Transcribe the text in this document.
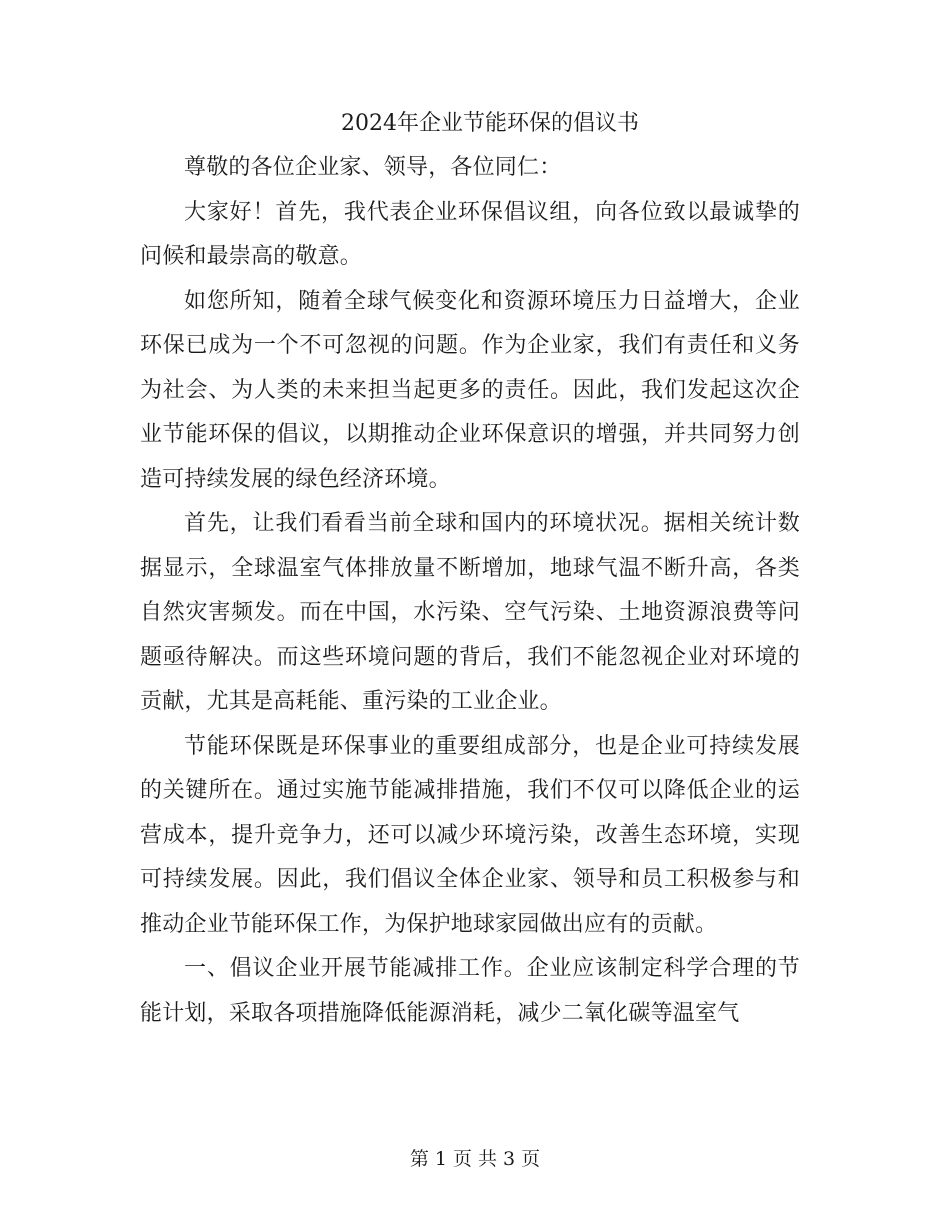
2024年企业节能环保的倡议书

尊敬的各位企业家、领导，各位同仁：

大家好！首先，我代表企业环保倡议组，向各位致以最诚挚的问候和最崇高的敬意。

如您所知，随着全球气候变化和资源环境压力日益增大，企业环保已成为一个不可忽视的问题。作为企业家，我们有责任和义务为社会、为人类的未来担当起更多的责任。因此，我们发起这次企业节能环保的倡议，以期推动企业环保意识的增强，并共同努力创造可持续发展的绿色经济环境。

首先，让我们看看当前全球和国内的环境状况。据相关统计数据显示，全球温室气体排放量不断增加，地球气温不断升高，各类自然灾害频发。而在中国，水污染、空气污染、土地资源浪费等问题亟待解决。而这些环境问题的背后，我们不能忽视企业对环境的贡献，尤其是高耗能、重污染的工业企业。

节能环保既是环保事业的重要组成部分，也是企业可持续发展的关键所在。通过实施节能减排措施，我们不仅可以降低企业的运营成本，提升竞争力，还可以减少环境污染，改善生态环境，实现可持续发展。因此，我们倡议全体企业家、领导和员工积极参与和推动企业节能环保工作，为保护地球家园做出应有的贡献。

一、倡议企业开展节能减排工作。企业应该制定科学合理的节能计划，采取各项措施降低能源消耗，减少二氧化碳等温室气

第 1 页 共 3 页
